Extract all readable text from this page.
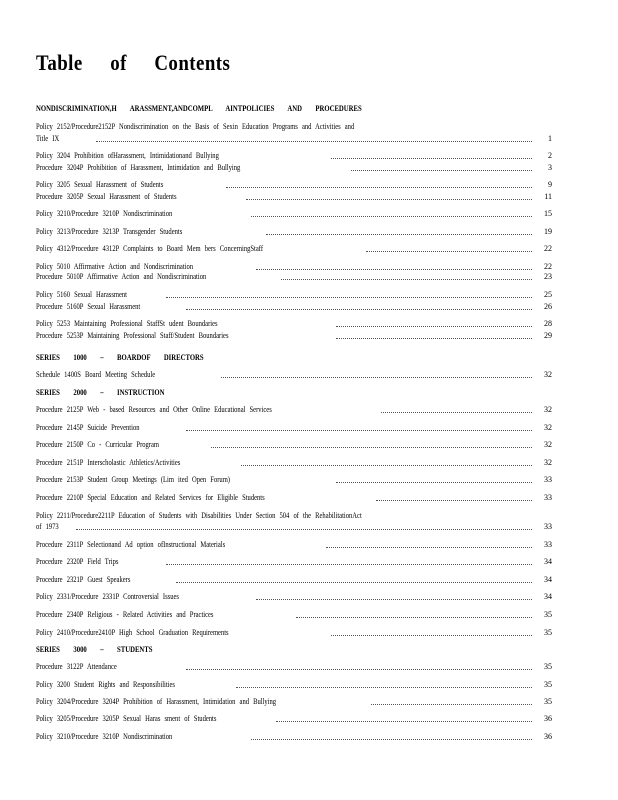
Table of Contents
NONDISCRIMINATION,H ARASSMENT,ANDCOMPL AINTPOLICIES AND PROCEDURES
Policy 2152/Procedure2152P Nondiscrimination on the Basis of Sexin Education Programs and Activities and
Title IX	1
Policy 3204 Prohibition ofHarassment, Intimidationand Bullying	2
Procedure 3204P Prohibition of Harassment, Intimidation and Bullying	3
Policy 3205 Sexual Harassment of Students	9
Procedure 3205P Sexual Harassment of Students	11
Policy 3210/Procedure 3210P Nondiscrimination	15
Policy 3213/Procedure 3213P Transgender Students	19
Policy 4312/Procedure 4312P Complaints to Board Mem bers ConcerningStaff	22
Policy 5010 Affirmative Action and Nondiscrimination	22
Procedure 5010P Affirmative Action and Nondiscrimination	23
Policy 5160 Sexual Harassment	25
Procedure 5160P Sexual Harassment	26
Policy 5253 Maintaining Professional StaffSt udent Boundaries	28
Procedure 5253P Maintaining Professional Staff/Student Boundaries	29
SERIES 1000 – BOARDOF DIRECTORS
Schedule 1400S Board Meeting Schedule	32
SERIES 2000 – INSTRUCTION
Procedure 2125P Web - based Resources and Other Online Educational Services	32
Procedure 2145P Suicide Prevention	32
Procedure 2150P Co - Curricular Program	32
Procedure 2151P Interscholastic Athletics/Activities	32
Procedure 2153P Student Group Meetings (Lim ited Open Forum)	33
Procedure 2210P Special Education and Related Services for Eligible Students	33
Policy 2211/Procedure2211P Education of Students with Disabilities Under Section 504 of the RehabilitationAct
of 1973	33
Procedure 2311P Selectionand Ad option ofInstructional Materials	33
Procedure 2320P Field Trips	34
Procedure 2321P Guest Speakers	34
Policy 2331/Procedure 2331P Controversial Issues	34
Procedure 2340P Religious - Related Activities and Practices	35
Policy 2410/Procedure2410P High School Graduation Requirements	35
SERIES 3000 – STUDENTS
Procedure 3122P Attendance	35
Policy 3200 Student Rights and Responsibilities	35
Policy 3204/Procedure 3204P Prohibition of Harassment, Intimidation and Bullying	35
Policy 3205/Procedure 3205P Sexual Haras sment of Students	36
Policy 3210/Procedure 3210P Nondiscrimination	36
